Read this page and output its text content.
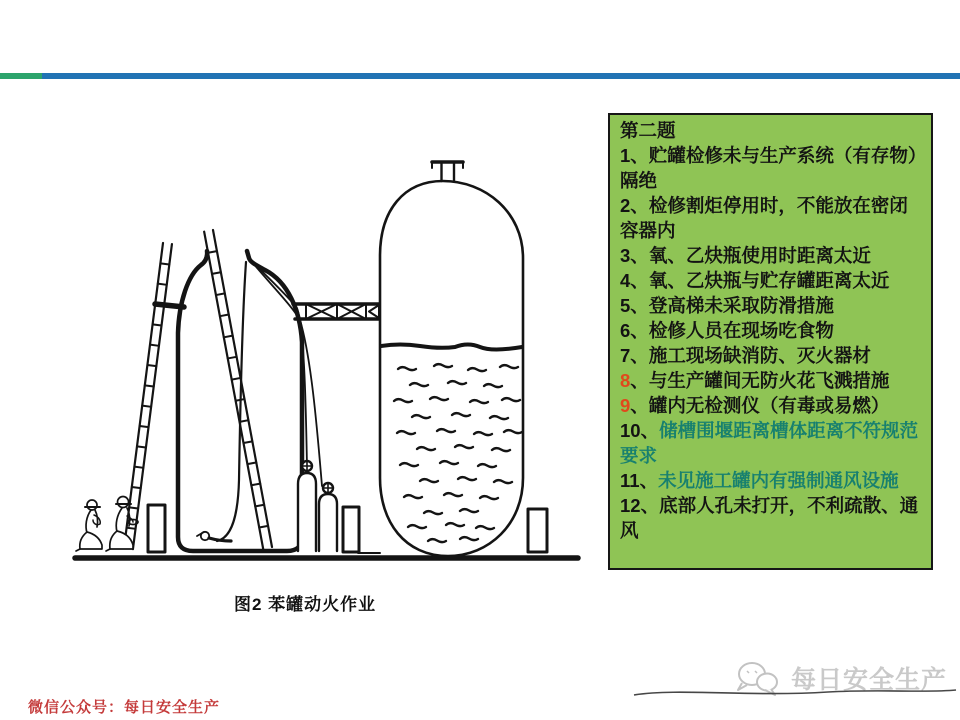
图2 苯罐动火作业
第二题
1、贮罐检修未与生产系统（有存物）隔绝
2、检修割炬停用时，不能放在密闭容器内
3、氧、乙炔瓶使用时距离太近
4、氧、乙炔瓶与贮存罐距离太近
5、登高梯未采取防滑措施
6、检修人员在现场吃食物
7、施工现场缺消防、灭火器材
8、与生产罐间无防火花飞溅措施
9、罐内无检测仪（有毒或易燃）
10、储槽围堰距离槽体距离不符规范要求
11、未见施工罐内有强制通风设施
12、底部人孔未打开，不利疏散、通风
微信公众号：每日安全生产
每日安全生产
